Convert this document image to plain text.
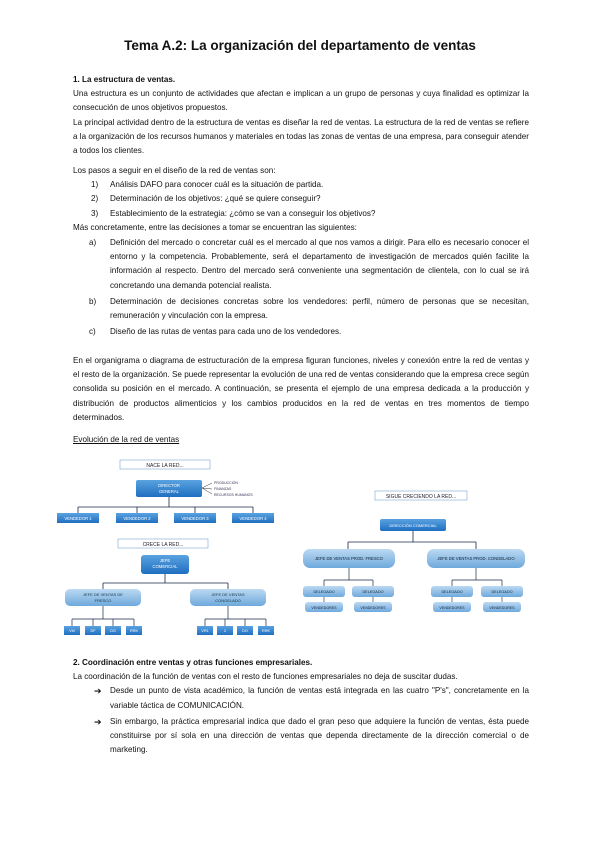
Tema A.2: La organización del departamento de ventas

1. La estructura de ventas.

Una estructura es un conjunto de actividades que afectan e implican a un grupo de personas y cuya finalidad es optimizar la consecución de unos objetivos propuestos.

La principal actividad dentro de la estructura de ventas es diseñar la red de ventas. La estructura de la red de ventas se refiere a la organización de los recursos humanos y materiales en todas las zonas de ventas de una empresa, para conseguir atender a todos los clientes.

Los pasos a seguir en el diseño de la red de ventas son:

1) Análisis DAFO para conocer cuál es la situación de partida.
2) Determinación de los objetivos: ¿qué se quiere conseguir?
3) Establecimiento de la estrategia: ¿cómo se van a conseguir los objetivos?

Más concretamente, entre las decisiones a tomar se encuentran las siguientes:

a) Definición del mercado o concretar cuál es el mercado al que nos vamos a dirigir. Para ello es necesario conocer el entorno y la competencia. Probablemente, será el departamento de investigación de mercados quién facilite la información al respecto. Dentro del mercado será conveniente una segmentación de clientela, con lo cual se irá concretando una demanda potencial realista.
b) Determinación de decisiones concretas sobre los vendedores: perfil, número de personas que se necesitan, remuneración y vinculación con la empresa.
c) Diseño de las rutas de ventas para cada uno de los vendedores.

En el organigrama o diagrama de estructuración de la empresa figuran funciones, niveles y conexión entre la red de ventas y el resto de la organización. Se puede representar la evolución de una red de ventas considerando que la empresa crece según consolida su posición en el mercado. A continuación, se presenta el ejemplo de una empresa dedicada a la producción y distribución de productos alimenticios y los cambios producidos en la red de ventas en tres momentos de tiempo determinados.

Evolución de la red de ventas

NACE LA RED...
DIRECTOR
GENERAL
PRODUCCIÓN
FINANZAS
RECURSOS HUMANOS
VENDEDOR 1	VENDEDOR 2	VENDEDOR 3	VENDEDOR 4
CRECE LA RED...
JEFE
COMERCIAL
JEFE DE VENTAS DE
FRESCO
JEFE DE VENTAS
CONGELADO
VM	DF	DG	RRK	VR1	2	DO	RRK
SIGUE CRECIENDO LA RED...
DIRECCIÓN COMERCIAL
JEFE DE VENTAS PROD. FRESCO	JEFE DE VENTAS PROD. CONGELADO
DELEGADO	DELEGADO	DELEGADO	DELEGADO
VENDEDORES	VENDEDORES	VENDEDORES	VENDEDORES

2. Coordinación entre ventas y otras funciones empresariales.

La coordinación de la función de ventas con el resto de funciones empresariales no deja de suscitar dudas.

➔ Desde un punto de vista académico, la función de ventas está integrada en las cuatro "P's", concretamente en la variable táctica de COMUNICACIÓN.
➔ Sin embargo, la práctica empresarial indica que dado el gran peso que adquiere la función de ventas, ésta puede constituirse por sí sola en una dirección de ventas que dependa directamente de la dirección comercial o de marketing.
